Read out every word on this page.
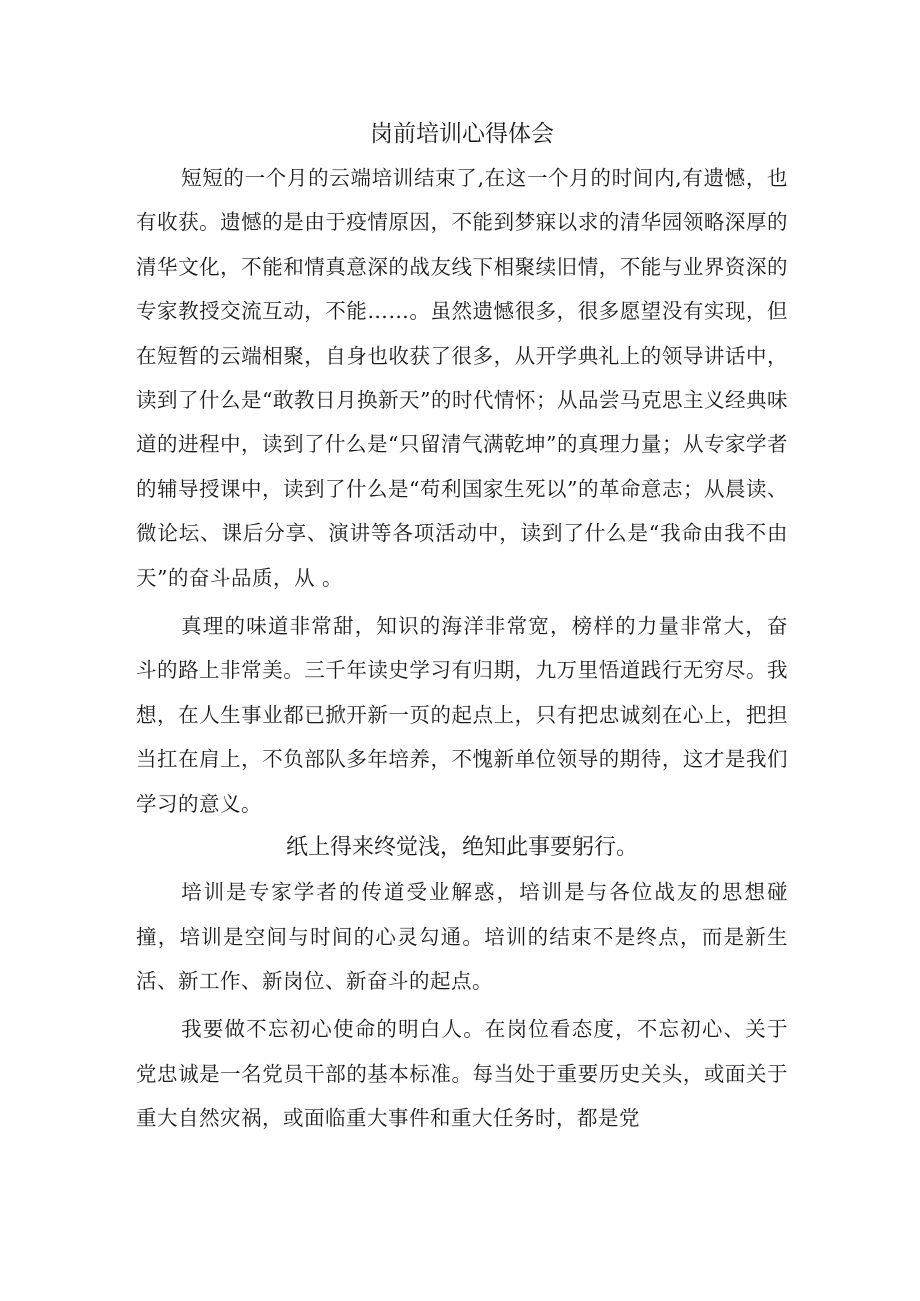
岗前培训心得体会

短短的一个月的云端培训结束了,在这一个月的时间内,有遗憾，也有收获。遗憾的是由于疫情原因，不能到梦寐以求的清华园领略深厚的清华文化，不能和情真意深的战友线下相聚续旧情，不能与业界资深的专家教授交流互动，不能……。虽然遗憾很多，很多愿望没有实现，但在短暂的云端相聚，自身也收获了很多，从开学典礼上的领导讲话中，读到了什么是“敢教日月换新天”的时代情怀；从品尝马克思主义经典味道的进程中，读到了什么是“只留清气满乾坤”的真理力量；从专家学者的辅导授课中，读到了什么是“苟利国家生死以”的革命意志；从晨读、微论坛、课后分享、演讲等各项活动中，读到了什么是“我命由我不由天”的奋斗品质，从 。

真理的味道非常甜，知识的海洋非常宽，榜样的力量非常大，奋斗的路上非常美。三千年读史学习有归期，九万里悟道践行无穷尽。我想，在人生事业都已掀开新一页的起点上，只有把忠诚刻在心上，把担当扛在肩上，不负部队多年培养，不愧新单位领导的期待，这才是我们学习的意义。

纸上得来终觉浅，绝知此事要躬行。

培训是专家学者的传道受业解惑，培训是与各位战友的思想碰撞，培训是空间与时间的心灵勾通。培训的结束不是终点，而是新生活、新工作、新岗位、新奋斗的起点。

我要做不忘初心使命的明白人。在岗位看态度，不忘初心、关于党忠诚是一名党员干部的基本标准。每当处于重要历史关头，或面关于重大自然灾祸，或面临重大事件和重大任务时，都是党
